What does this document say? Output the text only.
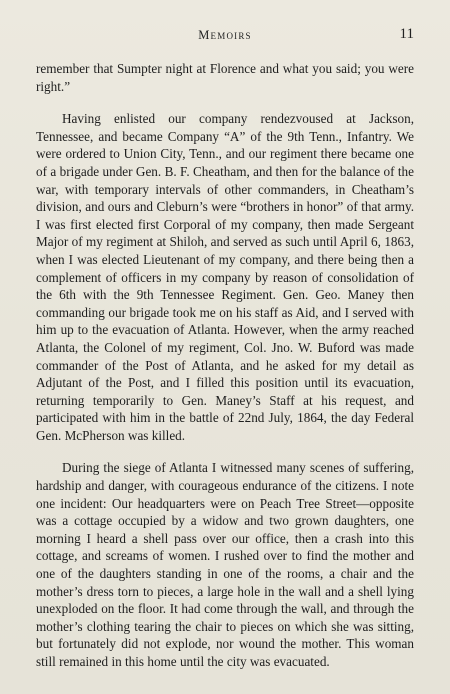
Memoirs	11

remember that Sumpter night at Florence and what you said; you were right.”

Having enlisted our company rendezvoused at Jackson, Tennessee, and became Company “A” of the 9th Tenn., Infantry. We were ordered to Union City, Tenn., and our regiment there became one of a brigade under Gen. B. F. Cheatham, and then for the balance of the war, with temporary intervals of other commanders, in Cheatham’s division, and ours and Cleburn’s were “brothers in honor” of that army. I was first elected first Corporal of my company, then made Sergeant Major of my regiment at Shiloh, and served as such until April 6, 1863, when I was elected Lieutenant of my company, and there being then a complement of officers in my company by reason of consolidation of the 6th with the 9th Tennessee Regiment. Gen. Geo. Maney then commanding our brigade took me on his staff as Aid, and I served with him up to the evacuation of Atlanta. However, when the army reached Atlanta, the Colonel of my regiment, Col. Jno. W. Buford was made commander of the Post of Atlanta, and he asked for my detail as Adjutant of the Post, and I filled this position until its evacuation, returning temporarily to Gen. Maney’s Staff at his request, and participated with him in the battle of 22nd July, 1864, the day Federal Gen. McPherson was killed.

During the siege of Atlanta I witnessed many scenes of suffering, hardship and danger, with courageous endurance of the citizens. I note one incident: Our headquarters were on Peach Tree Street—opposite was a cottage occupied by a widow and two grown daughters, one morning I heard a shell pass over our office, then a crash into this cottage, and screams of women. I rushed over to find the mother and one of the daughters standing in one of the rooms, a chair and the mother’s dress torn to pieces, a large hole in the wall and a shell lying unexploded on the floor. It had come through the wall, and through the mother’s clothing tearing the chair to pieces on which she was sitting, but fortunately did not explode, nor wound the mother. This woman still remained in this home until the city was evacuated.
